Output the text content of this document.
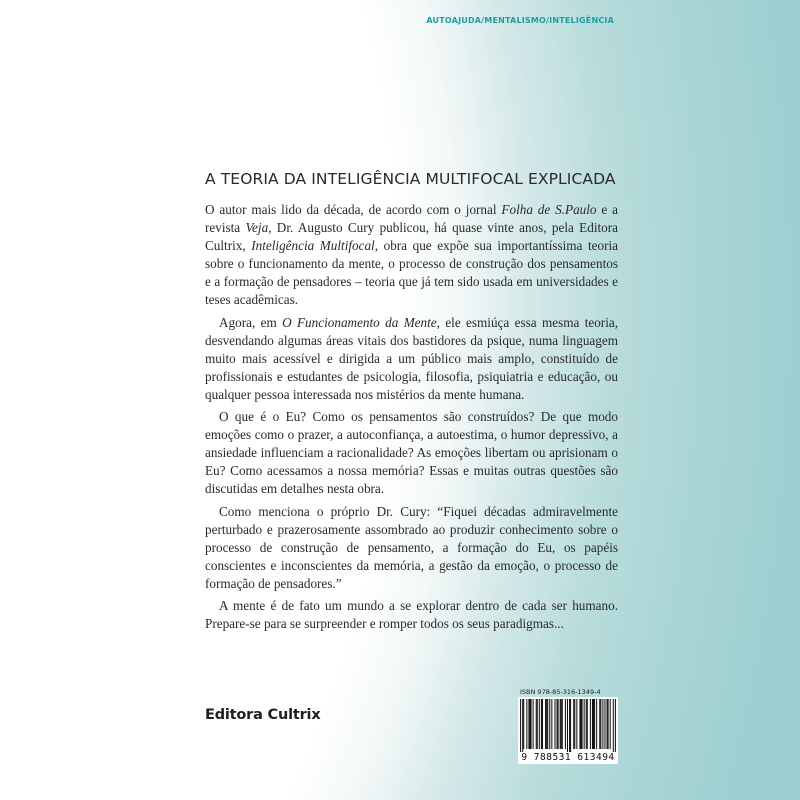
AUTOAJUDA/MENTALISMO/INTELIGÊNCIA
A TEORIA DA INTELIGÊNCIA MULTIFOCAL EXPLICADA

O autor mais lido da década, de acordo com o jornal Folha de S.Paulo e a revista Veja, Dr. Augusto Cury publicou, há quase vinte anos, pela Editora Cultrix, Inteligência Multifocal, obra que expõe sua importantíssima teoria sobre o funcionamento da mente, o processo de construção dos pensamentos e a formação de pensadores – teoria que já tem sido usada em universidades e teses acadêmicas.

Agora, em O Funcionamento da Mente, ele esmiúça essa mesma teoria, desvendando algumas áreas vitais dos bastidores da psique, numa linguagem muito mais acessível e dirigida a um público mais amplo, constituído de profissionais e estudantes de psicologia, filosofia, psiquiatria e educação, ou qualquer pessoa interessada nos mistérios da mente humana.

O que é o Eu? Como os pensamentos são construídos? De que modo emoções como o prazer, a autoconfiança, a autoestima, o humor depressivo, a ansiedade influenciam a racionalidade? As emoções libertam ou aprisionam o Eu? Como acessamos a nossa memória? Essas e muitas outras questões são discutidas em detalhes nesta obra.

Como menciona o próprio Dr. Cury: “Fiquei décadas admiravelmente perturbado e prazerosamente assombrado ao produzir conhecimento sobre o processo de construção de pensamento, a formação do Eu, os papéis conscientes e inconscientes da memória, a gestão da emoção, o processo de formação de pensadores.”

A mente é de fato um mundo a se explorar dentro de cada ser humano. Prepare-se para se surpreender e romper todos os seus paradigmas...

Editora Cultrix
ISBN 978-85-316-1349-4
9 788531 613494
